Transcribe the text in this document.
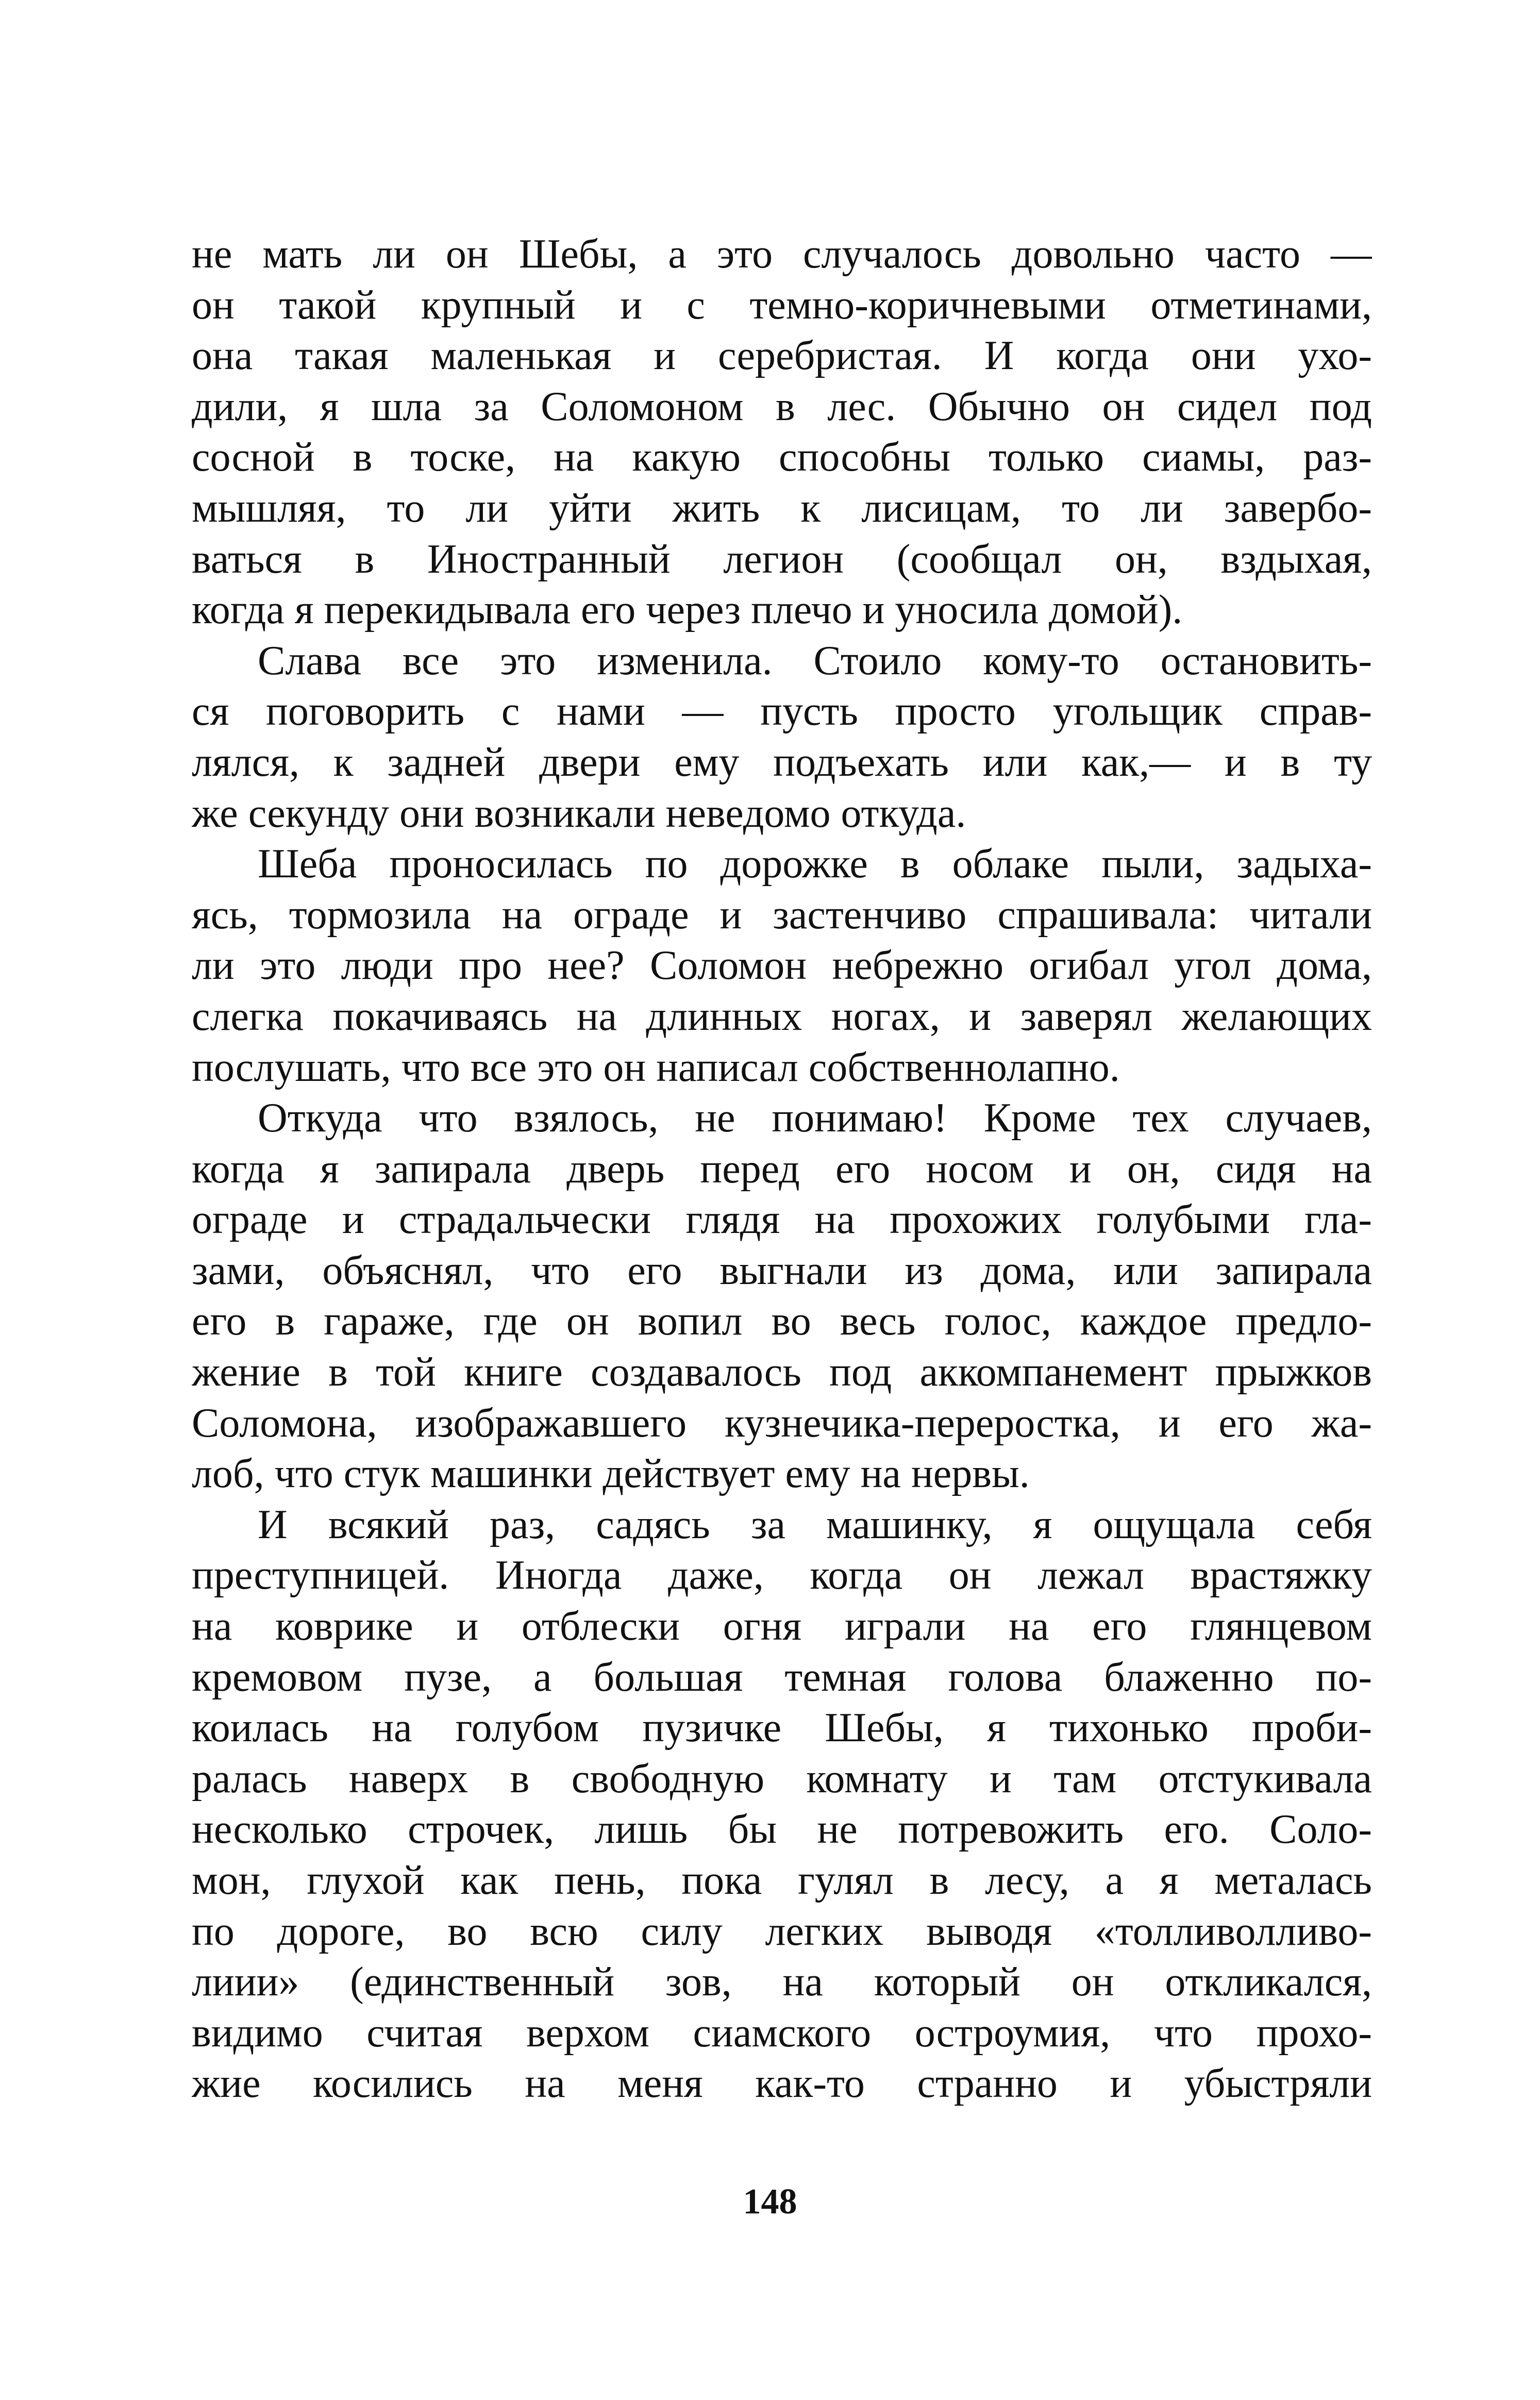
не мать ли он Шебы, а это случалось довольно часто —
он такой крупный и с темно-коричневыми отметинами,
она такая маленькая и серебристая. И когда они ухо-
дили, я шла за Соломоном в лес. Обычно он сидел под
сосной в тоске, на какую способны только сиамы, раз-
мышляя, то ли уйти жить к лисицам, то ли завербо-
ваться в Иностранный легион (сообщал он, вздыхая,
когда я перекидывала его через плечо и уносила домой).

Слава все это изменила. Стоило кому-то остановить-
ся поговорить с нами — пусть просто угольщик справ-
лялся, к задней двери ему подъехать или как,— и в ту
же секунду они возникали неведомо откуда.

Шеба проносилась по дорожке в облаке пыли, задыха-
ясь, тормозила на ограде и застенчиво спрашивала: читали
ли это люди про нее? Соломон небрежно огибал угол дома,
слегка покачиваясь на длинных ногах, и заверял желающих
послушать, что все это он написал собственнолапно.

Откуда что взялось, не понимаю! Кроме тех случаев,
когда я запирала дверь перед его носом и он, сидя на
ограде и страдальчески глядя на прохожих голубыми гла-
зами, объяснял, что его выгнали из дома, или запирала
его в гараже, где он вопил во весь голос, каждое предло-
жение в той книге создавалось под аккомпанемент прыжков
Соломона, изображавшего кузнечика-переростка, и его жа-
лоб, что стук машинки действует ему на нервы.

И всякий раз, садясь за машинку, я ощущала себя
преступницей. Иногда даже, когда он лежал врастяжку
на коврике и отблески огня играли на его глянцевом
кремовом пузе, а большая темная голова блаженно по-
коилась на голубом пузичке Шебы, я тихонько проби-
ралась наверх в свободную комнату и там отстукивала
несколько строчек, лишь бы не потревожить его. Соло-
мон, глухой как пень, пока гулял в лесу, а я металась
по дороге, во всю силу легких выводя «толливолливо-
лиии» (единственный зов, на который он откликался,
видимо считая верхом сиамского остроумия, что прохо-
жие косились на меня как-то странно и убыстряли

148
